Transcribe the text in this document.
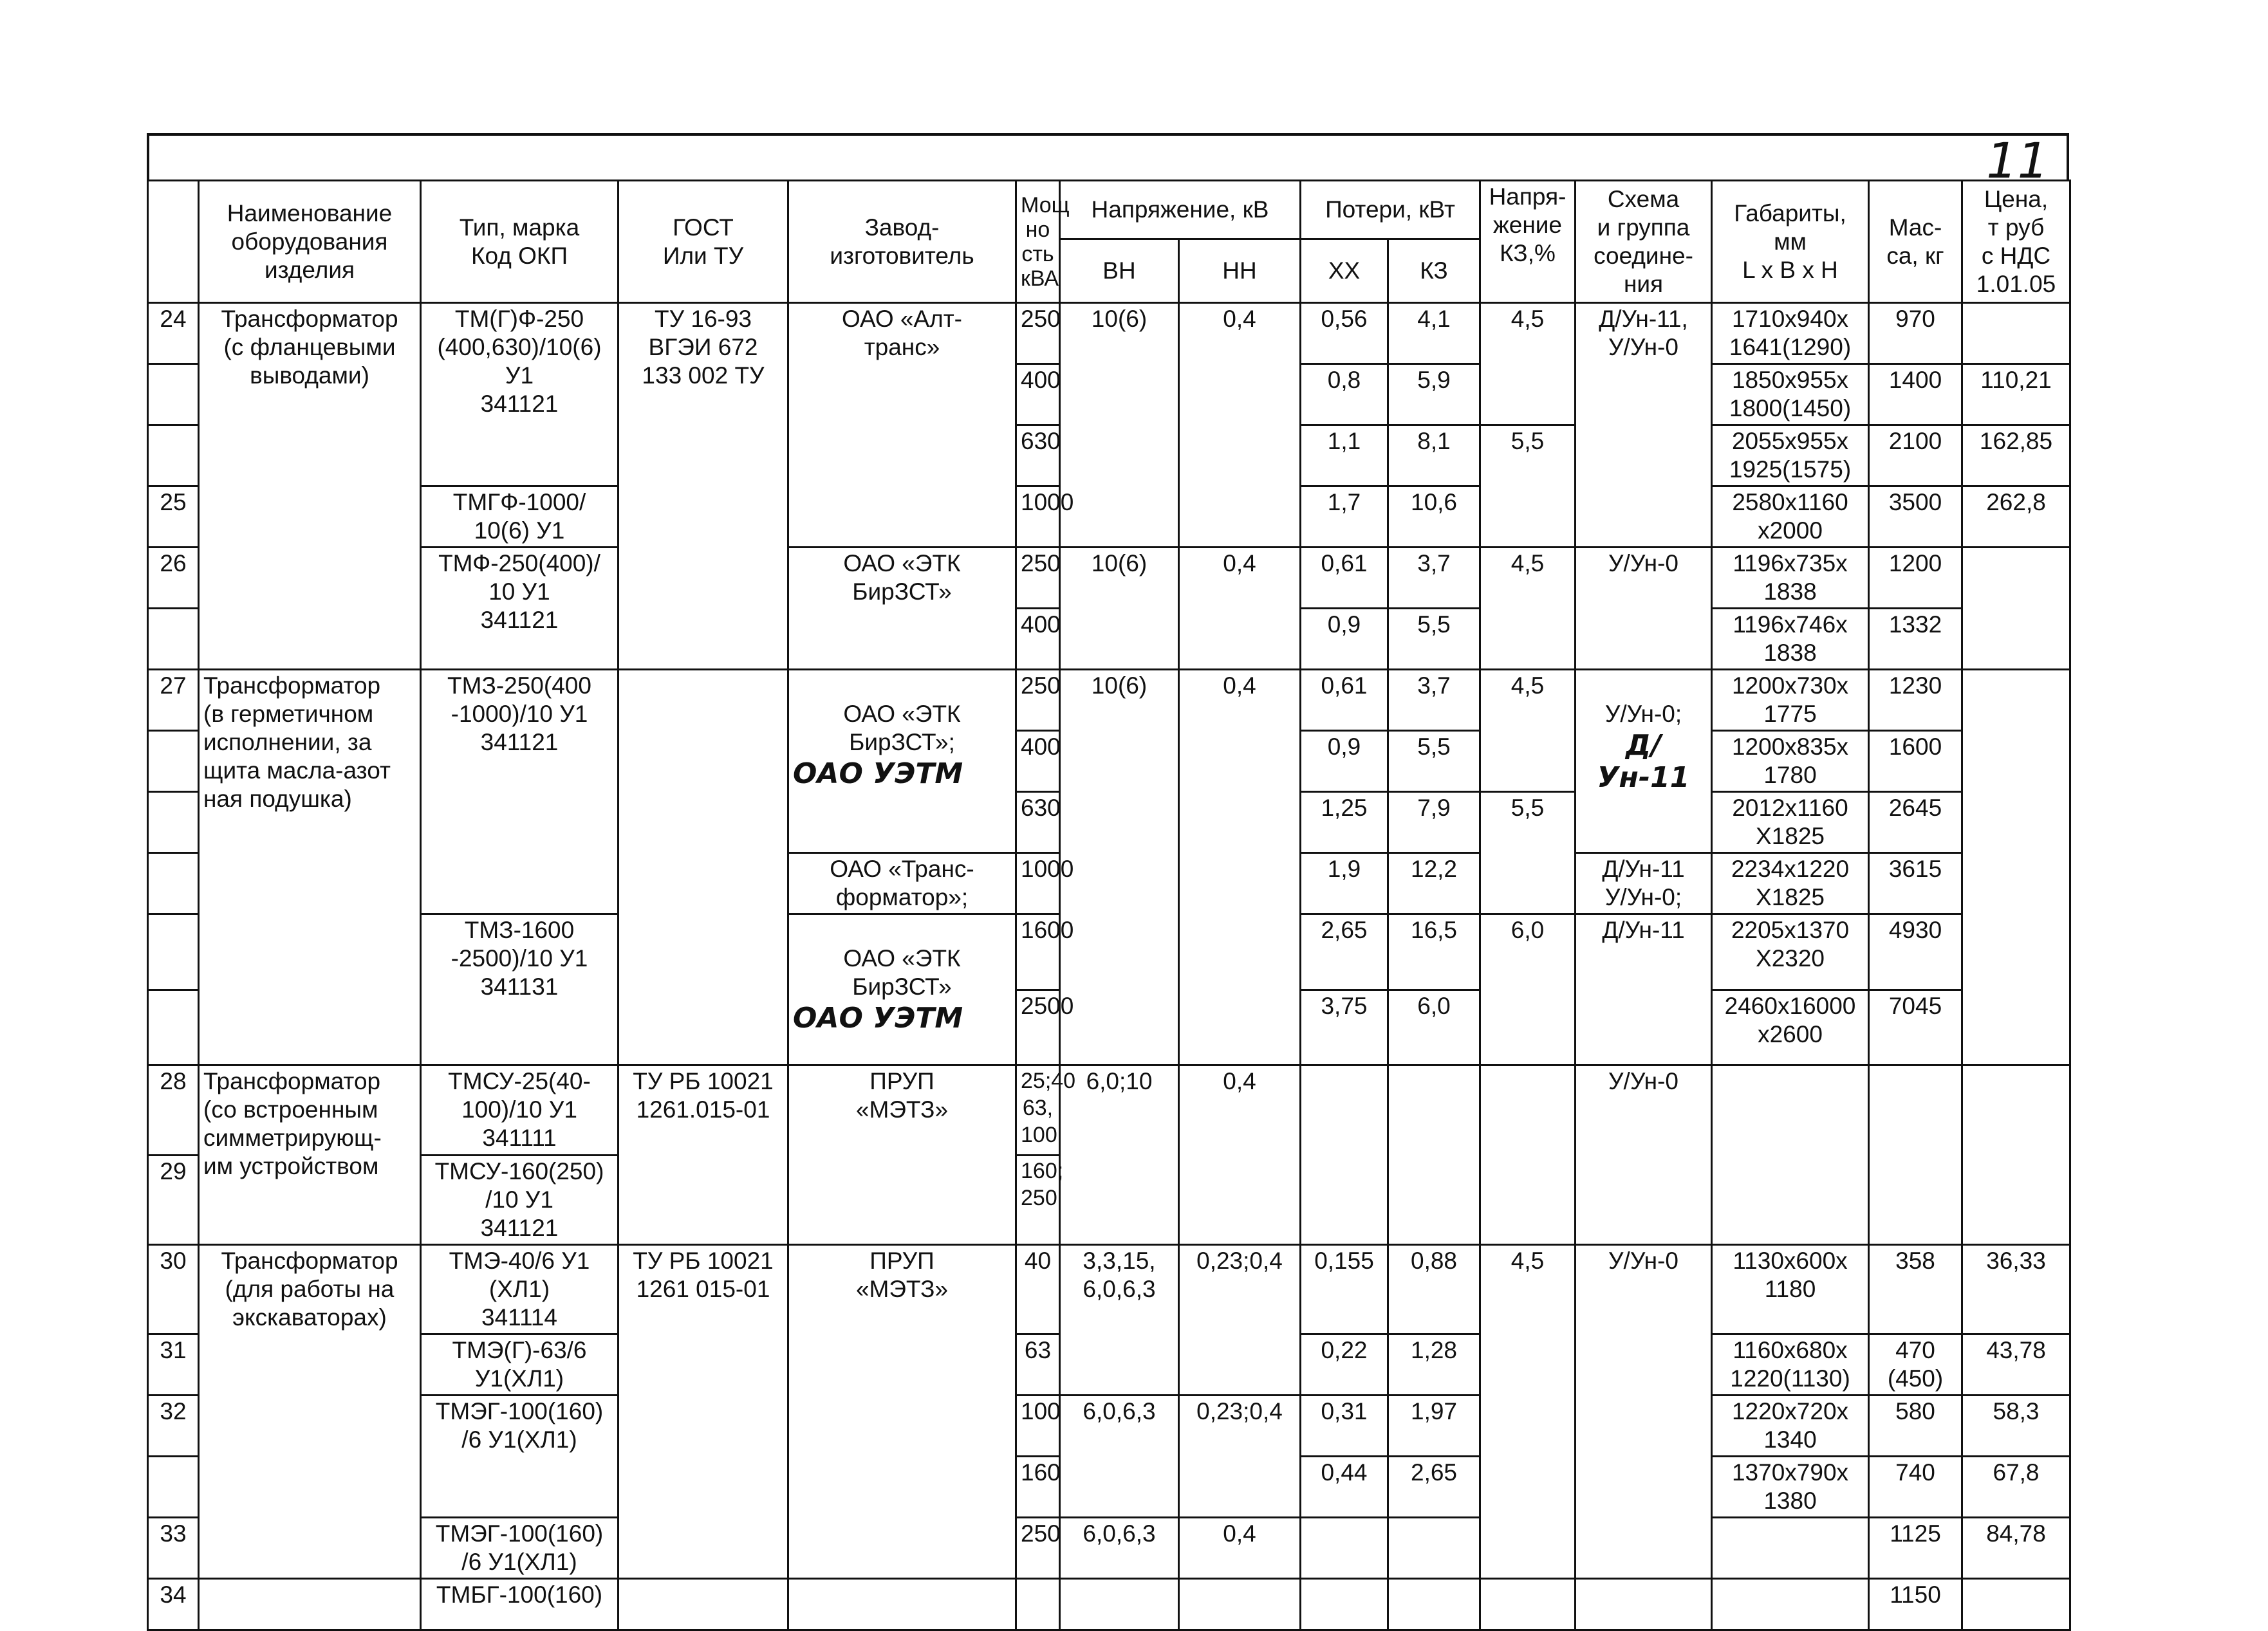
11
	Наименование
оборудования
изделия	Тип, марка
Код ОКП	ГОСТ
Или ТУ	Завод-
изготовитель	Мощ
но
сть
кВА	Напряжение, кВ		Потери, кВт		Напря-
жение
КЗ,%	Схема
и группа
соедине-
ния	Габариты,
мм
L x B x H	Мас-
са, кг	Цена,
т руб
с НДС
1.01.05
						ВН	НН	ХХ	КЗ					
24	Трансформатор
(с фланцевыми
выводами)	ТМ(Г)Ф-250
(400,630)/10(6)
У1
341121	ТУ 16-93
ВГЭИ 672
133 002 ТУ	ОАО «Алт-
транс»	250	10(6)	0,4	0,56	4,1	4,5	Д/Ун-11,
У/Ун-0	1710x940x
1641(1290)	970	
					400			0,8	5,9			1850x955x
1800(1450)	1400	110,21
					630			1,1	8,1	5,5		2055x955x
1925(1575)	2100	162,85
25		ТМГФ-1000/
10(6) У1			1000			1,7	10,6			2580x1160
x2000	3500	262,8
26		ТМФ-250(400)/
10 У1
341121		ОАО «ЭТК
БирЗСТ»	250	10(6)	0,4	0,61	3,7	4,5	У/Ун-0	1196x735x
1838	1200	
					400			0,9	5,5			1196x746x
1838	1332	
27	Трансформатор
(в герметичном
исполнении, за
щита масла-азот
ная подушка)	ТМЗ-250(400
-1000)/10 У1
341121		ОАО «ЭТК
БирЗСТ»;

ОАО УЭТМ	250	10(6)	0,4	0,61	3,7	4,5	У/Ун-0;

Д/Ун-11	1200x730x
1775	1230	
					400			0,9	5,5			1200x835x
1780	1600	
					630			1,25	7,9	5,5		2012x1160
X1825	2645	
				ОАО «Транс-
форматор»;	1000			1,9	12,2		Д/Ун-11
У/Ун-0;	2234x1220
X1825	3615	
		ТМЗ-1600
-2500)/10 У1
341131		ОАО «ЭТК
БирЗСТ»

ОАО УЭТМ	1600			2,65	16,5	6,0	Д/Ун-11	2205x1370
X2320	4930	
					2500			3,75	6,0			2460x16000
x2600	7045	
28	Трансформатор
(со встроенным
симметрирующ-
им устройством	ТМСУ-25(40-
100)/10 У1
341111	ТУ РБ 10021
1261.015-01	ПРУП
«МЭТЗ»	25;40
63,
100	6,0;10	0,4				У/Ун-0			
29		ТМСУ-160(250)
/10 У1
341121			160;
250									
30	Трансформатор
(для работы на
экскаваторах)	ТМЭ-40/6 У1
(ХЛ1)
341114	ТУ РБ 10021
1261 015-01	ПРУП
«МЭТЗ»	40	3,3,15,
6,0,6,3	0,23;0,4	0,155	0,88	4,5	У/Ун-0	1130x600x
1180	358	36,33
31		ТМЭ(Г)-63/6
У1(ХЛ1)			63			0,22	1,28			1160x680x
1220(1130)	470
(450)	43,78
32		ТМЭГ-100(160)
/6 У1(ХЛ1)			100	6,0,6,3	0,23;0,4	0,31	1,97			1220x720x
1340	580	58,3
					160			0,44	2,65			1370x790x
1380	740	67,8
33		ТМЭГ-100(160)
/6 У1(ХЛ1)			250	6,0,6,3	0,4						1125	84,78
34		ТМБГ-100(160)											1150	
